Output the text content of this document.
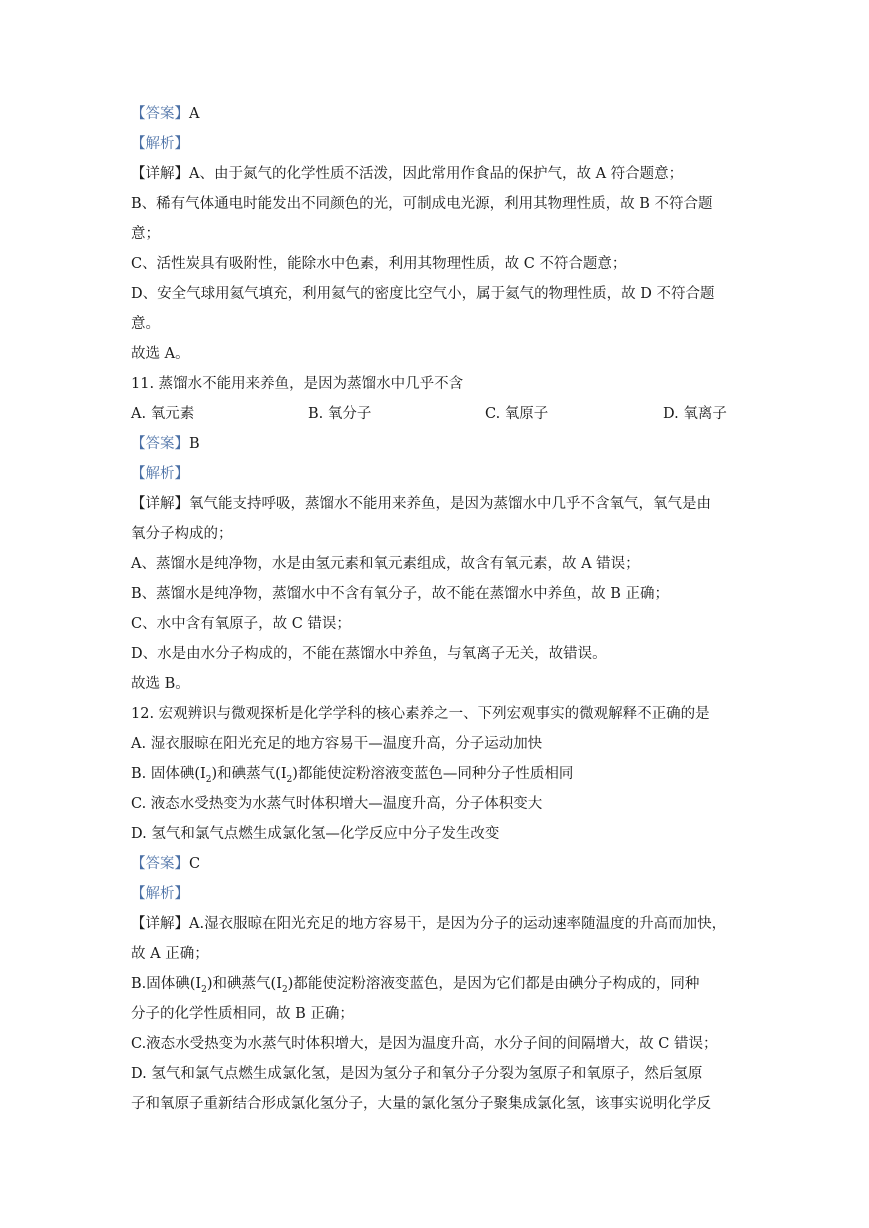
【答案】A
【解析】
【详解】A、由于氮气的化学性质不活泼，因此常用作食品的保护气，故 A 符合题意；
B、稀有气体通电时能发出不同颜色的光，可制成电光源，利用其物理性质，故 B 不符合题
意；
C、活性炭具有吸附性，能除水中色素，利用其物理性质，故 C 不符合题意；
D、安全气球用氦气填充，利用氦气的密度比空气小，属于氦气的物理性质，故 D 不符合题
意。
故选 A。
11. 蒸馏水不能用来养鱼，是因为蒸馏水中几乎不含
A. 氧元素	B. 氧分子	C. 氧原子	D. 氧离子
【答案】B
【解析】
【详解】氧气能支持呼吸，蒸馏水不能用来养鱼，是因为蒸馏水中几乎不含氧气，氧气是由
氧分子构成的；
A、蒸馏水是纯净物，水是由氢元素和氧元素组成，故含有氧元素，故 A 错误；
B、蒸馏水是纯净物，蒸馏水中不含有氧分子，故不能在蒸馏水中养鱼，故 B 正确；
C、水中含有氧原子，故 C 错误；
D、水是由水分子构成的，不能在蒸馏水中养鱼，与氧离子无关，故错误。
故选 B。
12. 宏观辨识与微观探析是化学学科的核心素养之一、下列宏观事实的微观解释不正确的是
A. 湿衣服晾在阳光充足的地方容易干—温度升高，分子运动加快
B. 固体碘$(I_2)$和碘蒸气$(I_2)$都能使淀粉溶液变蓝色—同种分子性质相同
C. 液态水受热变为水蒸气时体积增大—温度升高，分子体积变大
D. 氢气和氯气点燃生成氯化氢—化学反应中分子发生改变
【答案】C
【解析】
【详解】A.湿衣服晾在阳光充足的地方容易干，是因为分子的运动速率随温度的升高而加快，
故 A 正确；
B.固体碘$(I_2)$和碘蒸气$(I_2)$都能使淀粉溶液变蓝色，是因为它们都是由碘分子构成的，同种
分子的化学性质相同，故 B 正确；
C.液态水受热变为水蒸气时体积增大，是因为温度升高，水分子间的间隔增大，故 C 错误；
D. 氢气和氯气点燃生成氯化氢，是因为氢分子和氧分子分裂为氢原子和氧原子，然后氢原
子和氧原子重新结合形成氯化氢分子，大量的氯化氢分子聚集成氯化氢，该事实说明化学反
